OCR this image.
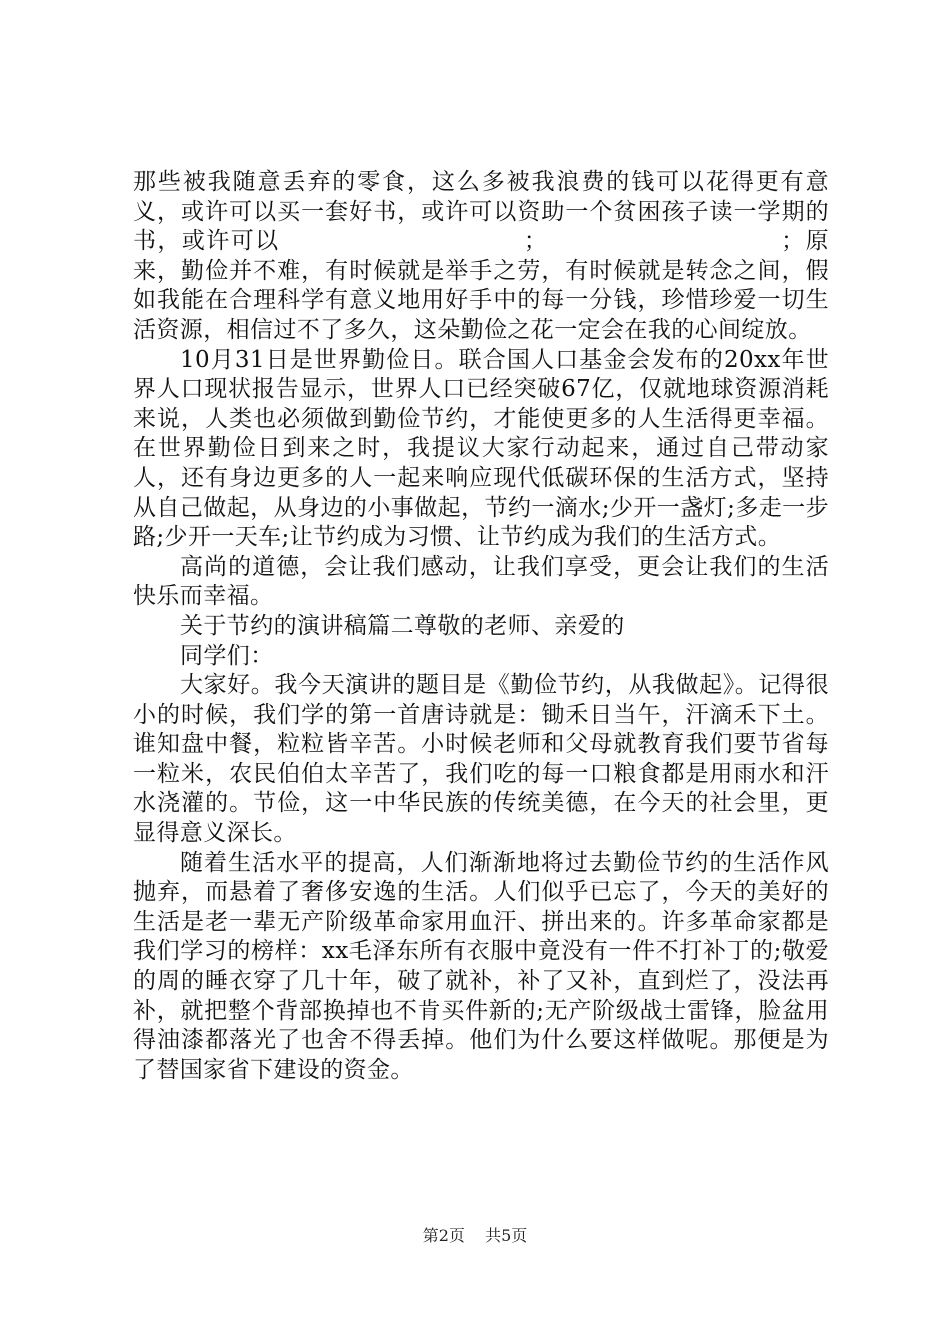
那些被我随意丢弃的零食，这么多被我浪费的钱可以花得更有意义，或许可以买一套好书，或许可以资助一个贫困孩子读一学期的书，或许可以　　　　　　　　　　；　　　　　　　　　　；原来，勤俭并不难，有时候就是举手之劳，有时候就是转念之间，假如我能在合理科学有意义地用好手中的每一分钱，珍惜珍爱一切生活资源，相信过不了多久，这朵勤俭之花一定会在我的心间绽放。

10月31日是世界勤俭日。联合国人口基金会发布的20xx年世界人口现状报告显示，世界人口已经突破67亿，仅就地球资源消耗来说，人类也必须做到勤俭节约，才能使更多的人生活得更幸福。在世界勤俭日到来之时，我提议大家行动起来，通过自己带动家人，还有身边更多的人一起来响应现代低碳环保的生活方式，坚持从自己做起，从身边的小事做起，节约一滴水;少开一盏灯;多走一步路;少开一天车;让节约成为习惯、让节约成为我们的生活方式。

高尚的道德，会让我们感动，让我们享受，更会让我们的生活快乐而幸福。

关于节约的演讲稿篇二尊敬的老师、亲爱的

同学们：

大家好。我今天演讲的题目是《勤俭节约，从我做起》。记得很小的时候，我们学的第一首唐诗就是：锄禾日当午，汗滴禾下土。谁知盘中餐，粒粒皆辛苦。小时候老师和父母就教育我们要节省每一粒米，农民伯伯太辛苦了，我们吃的每一口粮食都是用雨水和汗水浇灌的。节俭，这一中华民族的传统美德，在今天的社会里，更显得意义深长。

随着生活水平的提高，人们渐渐地将过去勤俭节约的生活作风抛弃，而悬着了奢侈安逸的生活。人们似乎已忘了，今天的美好的生活是老一辈无产阶级革命家用血汗、拼出来的。许多革命家都是我们学习的榜样：xx毛泽东所有衣服中竟没有一件不打补丁的;敬爱的周的睡衣穿了几十年，破了就补，补了又补，直到烂了，没法再补，就把整个背部换掉也不肯买件新的;无产阶级战士雷锋，脸盆用得油漆都落光了也舍不得丢掉。他们为什么要这样做呢。那便是为了替国家省下建设的资金。

第2页 共5页
